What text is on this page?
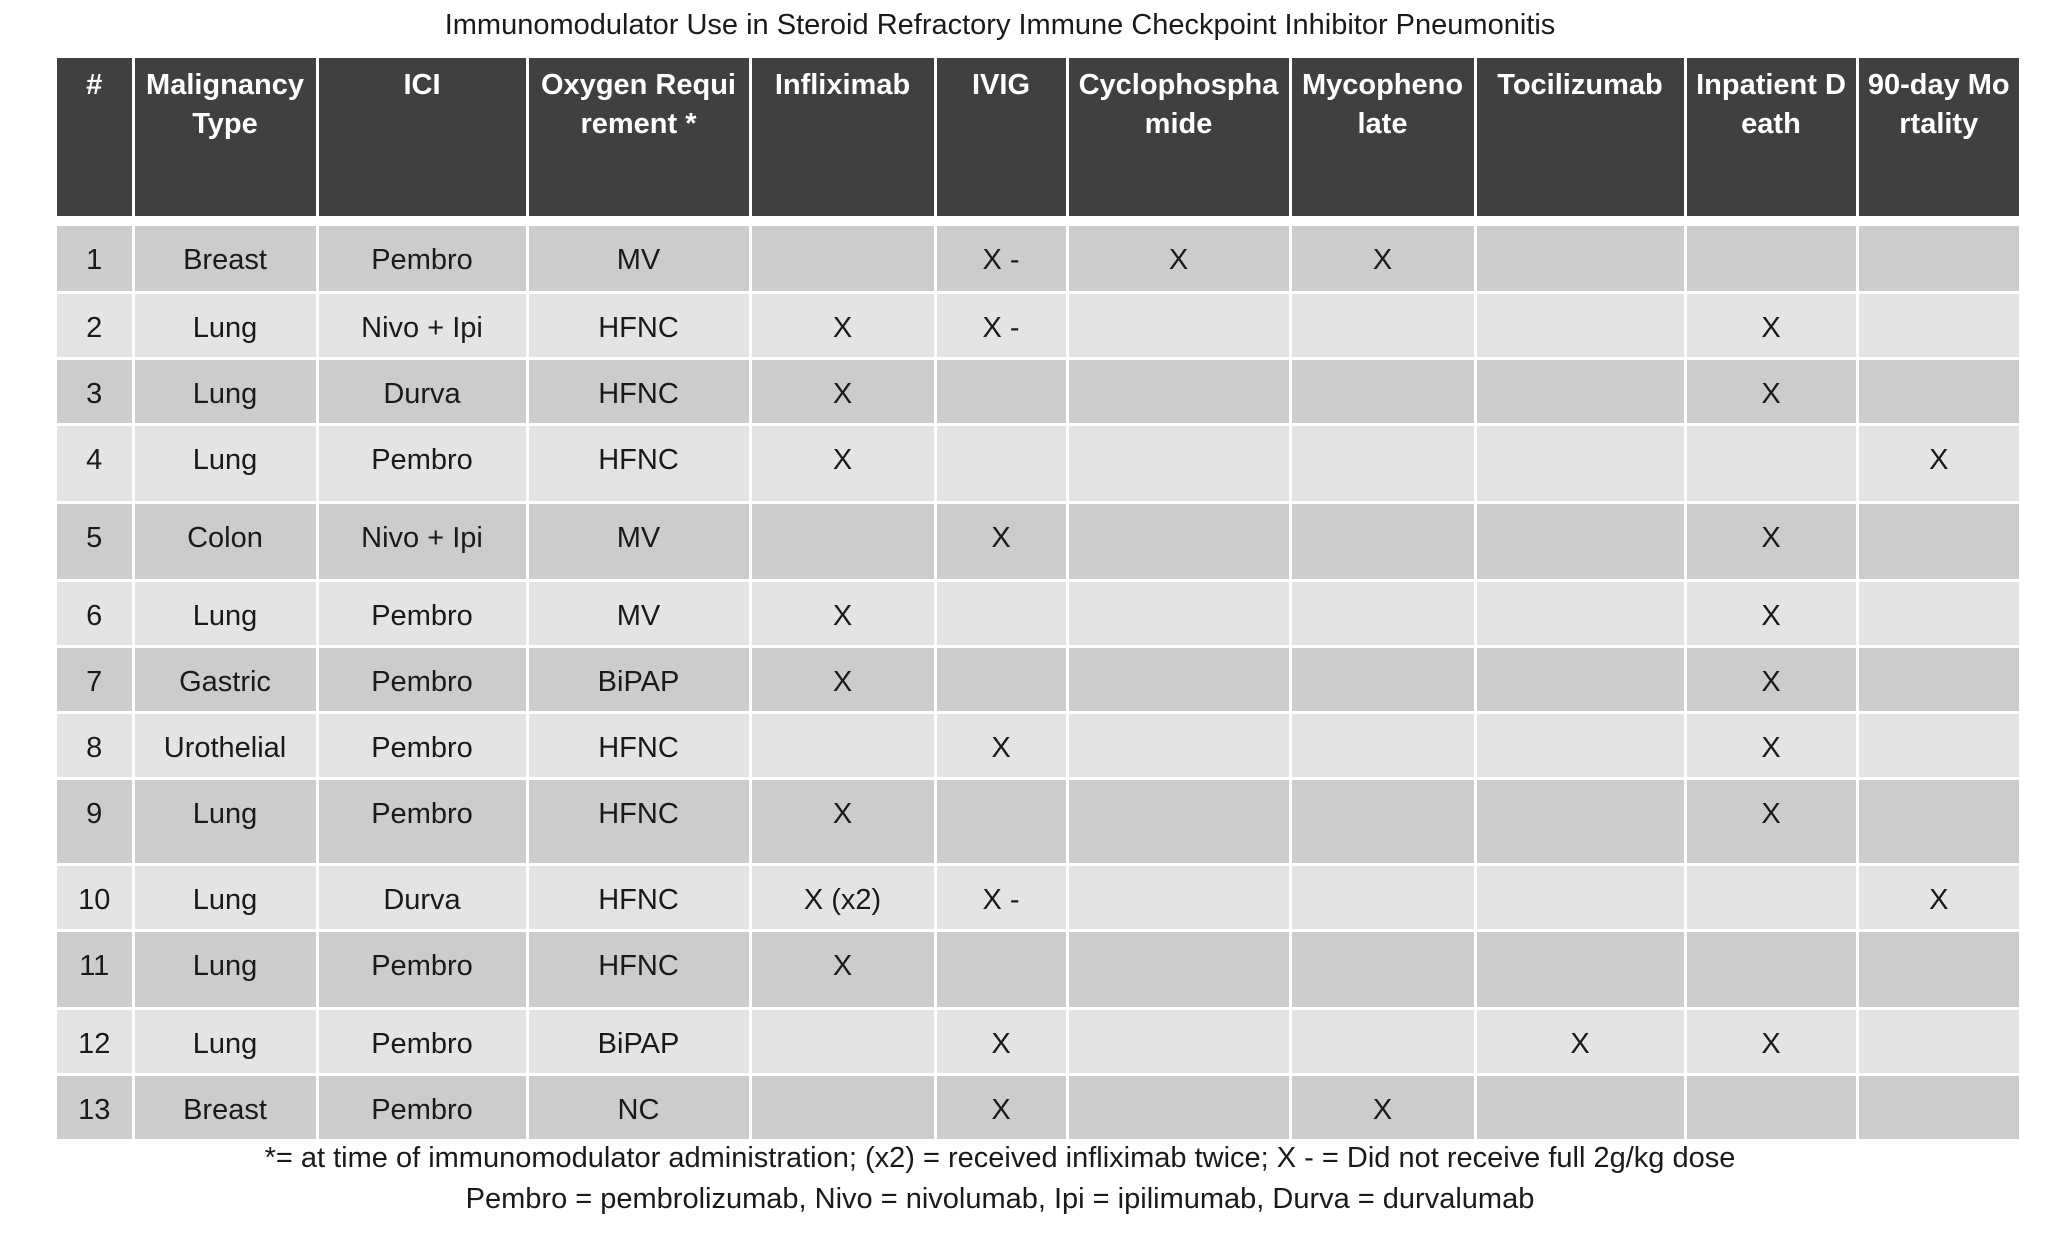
Immunomodulator Use in Steroid Refractory Immune Checkpoint Inhibitor Pneumonitis
#	Malignancy Type	ICI	Oxygen Requirement *	Infliximab	IVIG	Cyclophosphamide	Mycophenolate	Tocilizumab	Inpatient Death	90-day Mortality

1	Breast	Pembro	MV		X -	X	X			
2	Lung	Nivo + Ipi	HFNC	X	X -				X	
3	Lung	Durva	HFNC	X					X	
4	Lung	Pembro	HFNC	X						X
5	Colon	Nivo + Ipi	MV		X				X	
6	Lung	Pembro	MV	X					X	
7	Gastric	Pembro	BiPAP	X					X	
8	Urothelial	Pembro	HFNC		X				X	
9	Lung	Pembro	HFNC	X					X	
10	Lung	Durva	HFNC	X (x2)	X -					X
11	Lung	Pembro	HFNC	X						
12	Lung	Pembro	BiPAP		X			X	X	
13	Breast	Pembro	NC		X		X			
*= at time of immunomodulator administration; (x2) = received infliximab twice; X - = Did not receive full 2g/kg dose
Pembro = pembrolizumab, Nivo = nivolumab, Ipi = ipilimumab, Durva = durvalumab
